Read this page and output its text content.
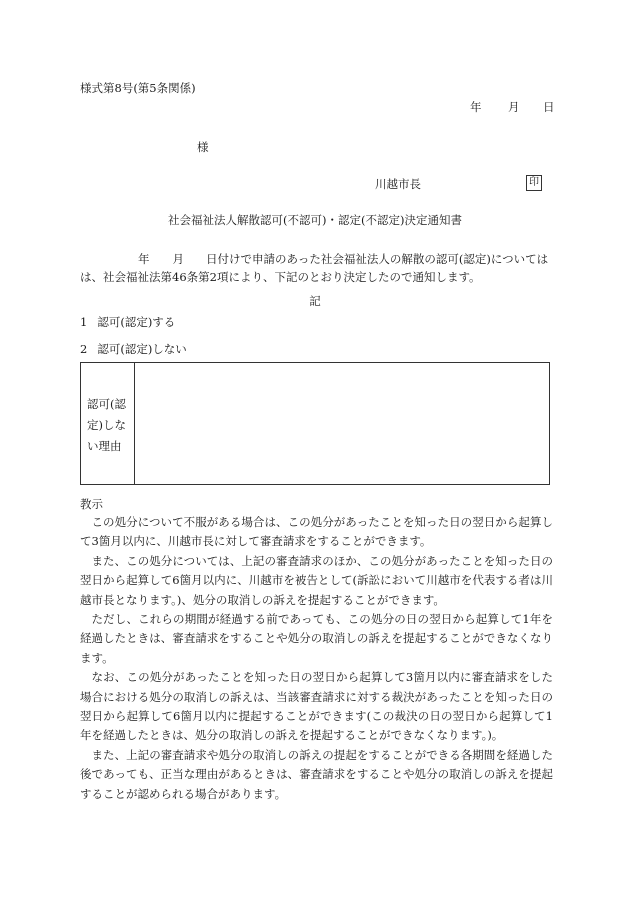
様式第8号(第5条関係)
年 月 日
様
川越市長	印
社会福祉法人解散認可(不認可)・認定(不認定)決定通知書
年 月 日付けで申請のあった社会福祉法人の解散の認可(認定)については
は、社会福祉法第46条第2項により、下記のとおり決定したので通知します。
記
1 認可(認定)する
2 認可(認定)しない
認可(認定)しない理由
教示

この処分について不服がある場合は、この処分があったことを知った日の翌日から起算して3箇月以内に、川越市長に対して審査請求をすることができます。

また、この処分については、上記の審査請求のほか、この処分があったことを知った日の翌日から起算して6箇月以内に、川越市を被告として(訴訟において川越市を代表する者は川越市長となります。)、処分の取消しの訴えを提起することができます。

ただし、これらの期間が経過する前であっても、この処分の日の翌日から起算して1年を経過したときは、審査請求をすることや処分の取消しの訴えを提起することができなくなります。

なお、この処分があったことを知った日の翌日から起算して3箇月以内に審査請求をした場合における処分の取消しの訴えは、当該審査請求に対する裁決があったことを知った日の翌日から起算して6箇月以内に提起することができます(この裁決の日の翌日から起算して1年を経過したときは、処分の取消しの訴えを提起することができなくなります。)。

また、上記の審査請求や処分の取消しの訴えの提起をすることができる各期間を経過した後であっても、正当な理由があるときは、審査請求をすることや処分の取消しの訴えを提起することが認められる場合があります。
